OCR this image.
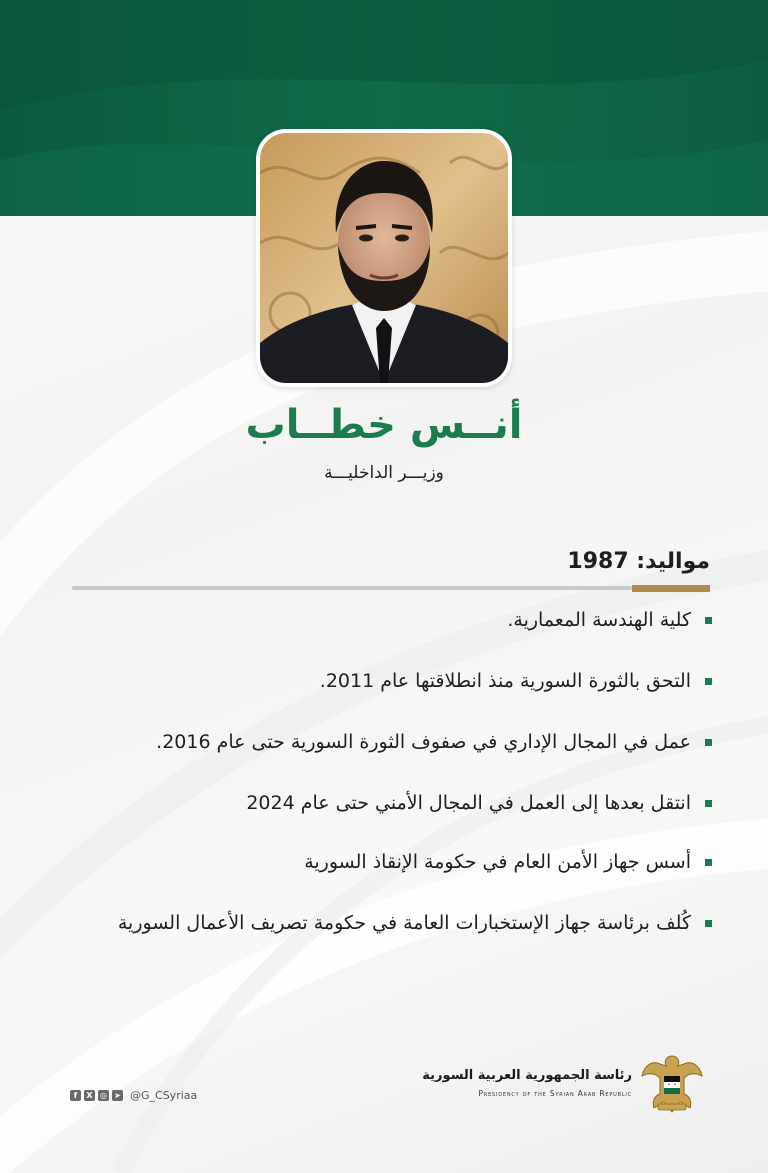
أنــس خطــاب
وزيـــر الداخليـــة
مواليد: 1987
كلية الهندسة المعمارية.
التحق بالثورة السورية منذ انطلاقتها عام 2011.
عمل في المجال الإداري في صفوف الثورة السورية حتى عام 2016.
انتقل بعدها إلى العمل في المجال الأمني حتى عام 2024
أسس جهاز الأمن العام في حكومة الإنقاذ السورية
كُلف برئاسة جهاز الإستخبارات العامة في حكومة تصريف الأعمال السورية
f	X ◎ ➤ @G_CSyriaa
رئاسة الجمهورية العربية السورية
Presidency of the Syrian Arab Republic
